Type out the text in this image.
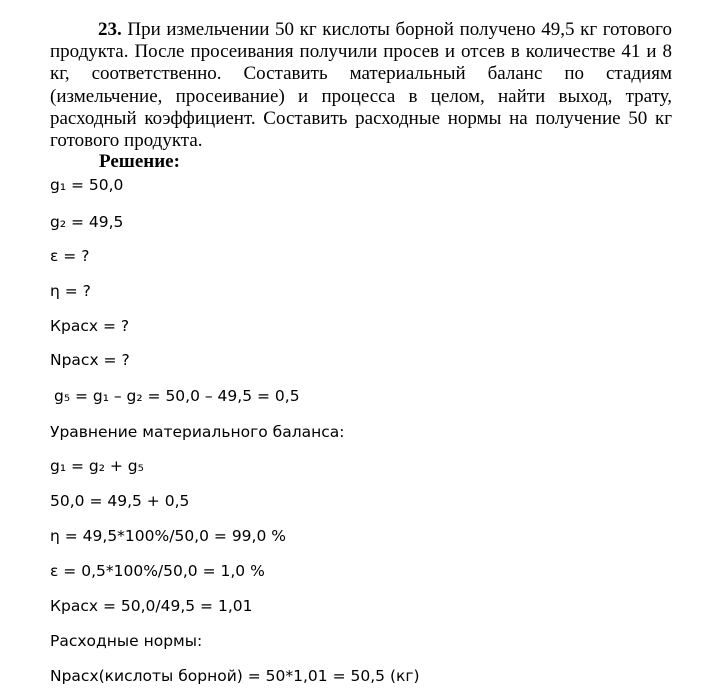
23. При измельчении 50 кг кислоты борной получено 49,5 кг готового продукта. После просеивания получили просев и отсев в количестве 41 и 8 кг, соответственно. Составить материальный баланс по стадиям (измельчение, просеивание) и процесса в целом, найти выход, трату, расходный коэффициент. Составить расходные нормы на получение 50 кг готового продукта.

Решение:

g₁ = 50,0

g₂ = 49,5

ε = ?

η = ?

Красх = ?

Nрасх = ?

g₅ = g₁ – g₂ = 50,0 – 49,5 = 0,5

Уравнение материального баланса:

g₁ = g₂ + g₅

50,0 = 49,5 + 0,5

η = 49,5*100%/50,0 = 99,0 %

ε = 0,5*100%/50,0 = 1,0 %

Красх = 50,0/49,5 = 1,01

Расходные нормы:

Nрасх(кислоты борной) = 50*1,01 = 50,5 (кг)
